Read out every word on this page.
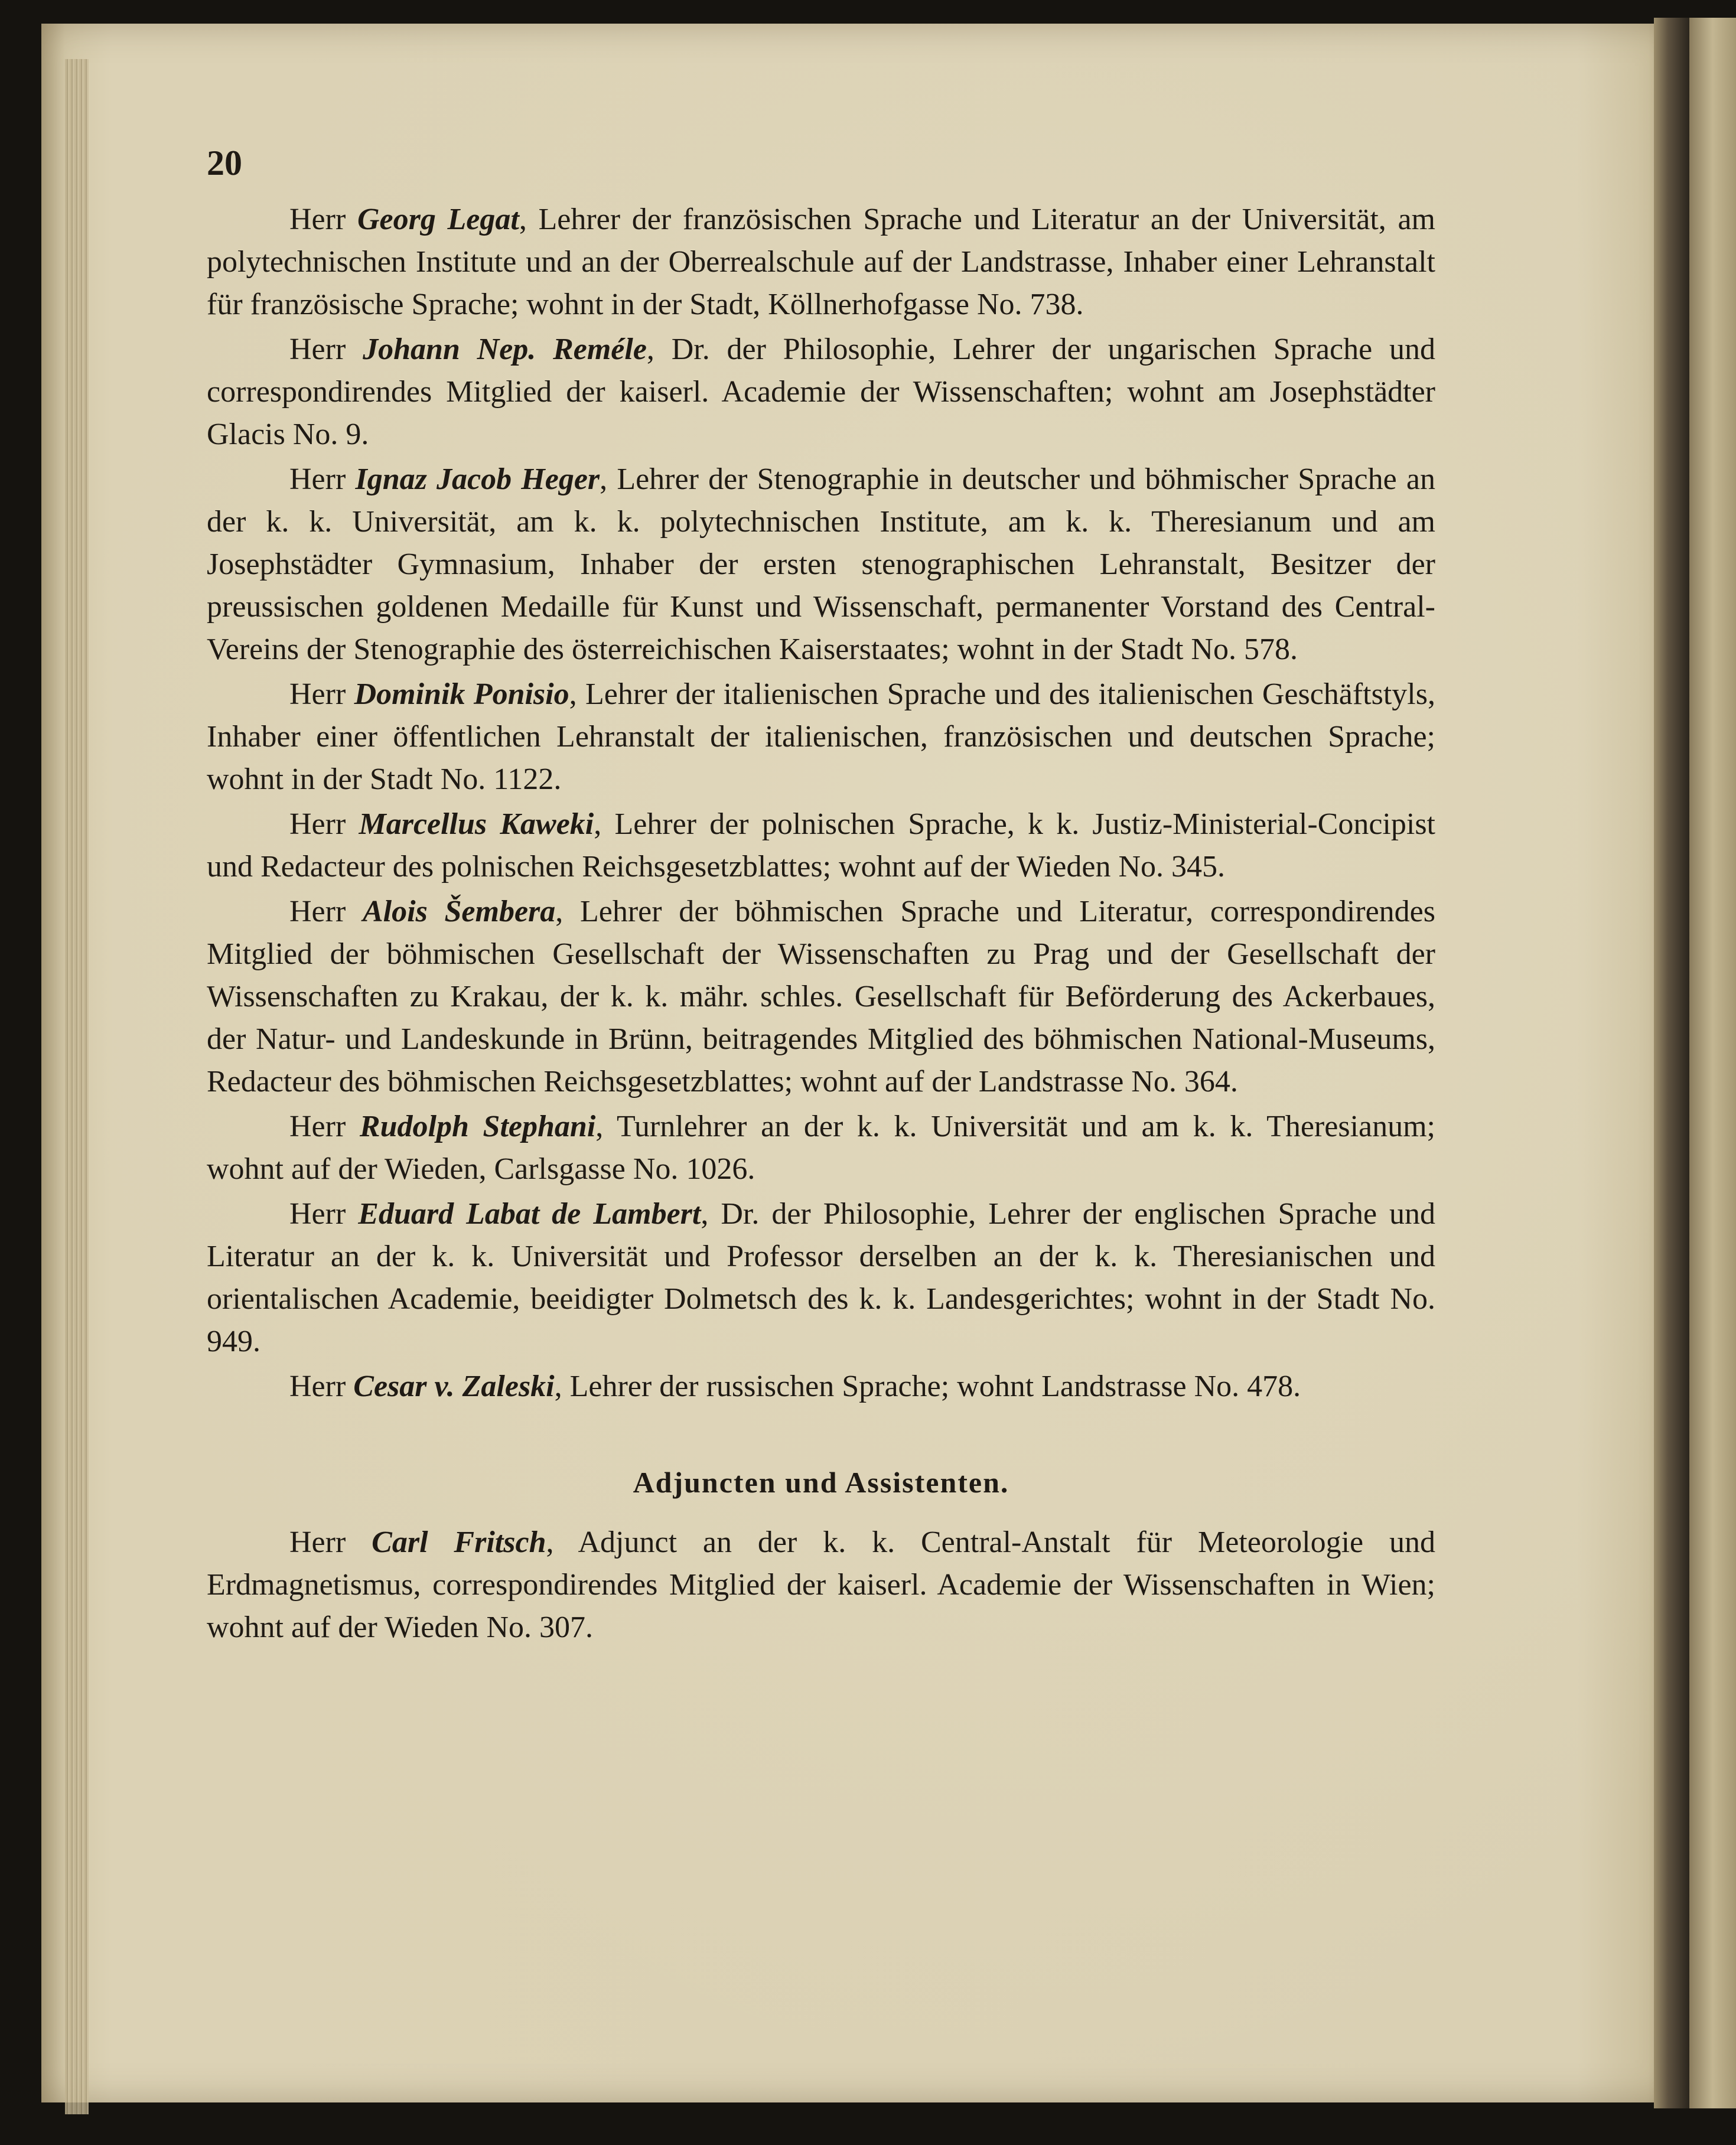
20

Herr Georg Legat, Lehrer der französischen Sprache und Literatur an der Universität, am polytechnischen Institute und an der Oberrealschule auf der Landstrasse, Inhaber einer Lehranstalt für französische Sprache; wohnt in der Stadt, Köllnerhofgasse No. 738.

Herr Johann Nep. Reméle, Dr. der Philosophie, Lehrer der ungarischen Sprache und correspondirendes Mitglied der kaiserl. Academie der Wissenschaften; wohnt am Josephstädter Glacis No. 9.

Herr Ignaz Jacob Heger, Lehrer der Stenographie in deutscher und böhmischer Sprache an der k. k. Universität, am k. k. polytechnischen Institute, am k. k. Theresianum und am Josephstädter Gymnasium, Inhaber der ersten stenographischen Lehranstalt, Besitzer der preussischen goldenen Medaille für Kunst und Wissenschaft, permanenter Vorstand des Central-Vereins der Stenographie des österreichischen Kaiserstaates; wohnt in der Stadt No. 578.

Herr Dominik Ponisio, Lehrer der italienischen Sprache und des italienischen Geschäftstyls, Inhaber einer öffentlichen Lehranstalt der italienischen, französischen und deutschen Sprache; wohnt in der Stadt No. 1122.

Herr Marcellus Kaweki, Lehrer der polnischen Sprache, k k. Justiz-Ministerial-Concipist und Redacteur des polnischen Reichsgesetzblattes; wohnt auf der Wieden No. 345.

Herr Alois Šembera, Lehrer der böhmischen Sprache und Literatur, correspondirendes Mitglied der böhmischen Gesellschaft der Wissenschaften zu Prag und der Gesellschaft der Wissenschaften zu Krakau, der k. k. mähr. schles. Gesellschaft für Beförderung des Ackerbaues, der Natur- und Landeskunde in Brünn, beitragendes Mitglied des böhmischen National-Museums, Redacteur des böhmischen Reichsgesetzblattes; wohnt auf der Landstrasse No. 364.

Herr Rudolph Stephani, Turnlehrer an der k. k. Universität und am k. k. Theresianum; wohnt auf der Wieden, Carlsgasse No. 1026.

Herr Eduard Labat de Lambert, Dr. der Philosophie, Lehrer der englischen Sprache und Literatur an der k. k. Universität und Professor derselben an der k. k. Theresianischen und orientalischen Academie, beeidigter Dolmetsch des k. k. Landesgerichtes; wohnt in der Stadt No. 949.

Herr Cesar v. Zaleski, Lehrer der russischen Sprache; wohnt Landstrasse No. 478.

Adjuncten und Assistenten.

Herr Carl Fritsch, Adjunct an der k. k. Central-Anstalt für Meteorologie und Erdmagnetismus, correspondirendes Mitglied der kaiserl. Academie der Wissenschaften in Wien; wohnt auf der Wieden No. 307.
